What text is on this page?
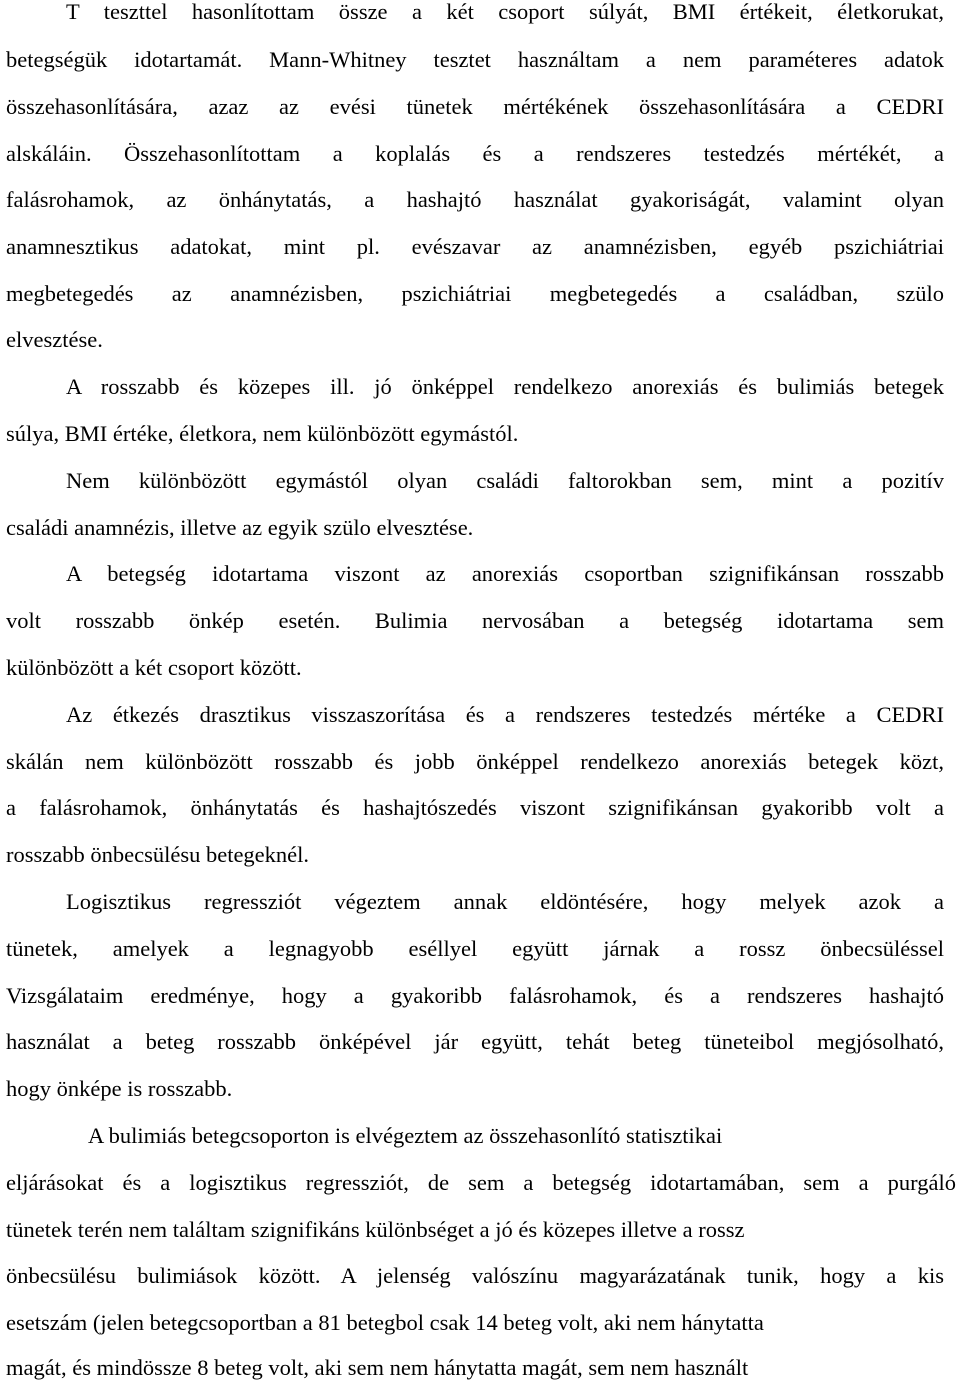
T teszttel hasonlítottam össze a két csoport súlyát, BMI értékeit, életkorukat,
betegségük idotartamát. Mann-Whitney tesztet használtam a nem paraméteres adatok
összehasonlítására, azaz az evési tünetek mértékének összehasonlítására a CEDRI
alskáláin. Összehasonlítottam a koplalás és a rendszeres testedzés mértékét, a
falásrohamok, az önhánytatás, a hashajtó használat gyakoriságát, valamint olyan
anamnesztikus adatokat, mint pl. evészavar az anamnézisben, egyéb pszichiátriai
megbetegedés az anamnézisben, pszichiátriai megbetegedés a családban, szülo
elvesztése.
A rosszabb és közepes ill. jó önképpel rendelkezo anorexiás és bulimiás betegek
súlya, BMI értéke, életkora, nem különbözött egymástól.
Nem különbözött egymástól olyan családi faltorokban sem, mint a pozitív
családi anamnézis, illetve az egyik szülo elvesztése.
A betegség idotartama viszont az anorexiás csoportban szignifikánsan rosszabb
volt rosszabb önkép esetén. Bulimia nervosában a betegség idotartama sem
különbözött a két csoport között.
Az étkezés drasztikus visszaszorítása és a rendszeres testedzés mértéke a CEDRI
skálán nem különbözött rosszabb és jobb önképpel rendelkezo anorexiás betegek közt,
a falásrohamok, önhánytatás és hashajtószedés viszont szignifikánsan gyakoribb volt a
rosszabb önbecsülésu betegeknél.
Logisztikus regressziót végeztem annak eldöntésére, hogy melyek azok a
tünetek, amelyek a legnagyobb eséllyel együtt járnak a rossz önbecsüléssel
Vizsgálataim eredménye, hogy a gyakoribb falásrohamok, és a rendszeres hashajtó
használat a beteg rosszabb önképével jár együtt, tehát beteg tüneteibol megjósolható,
hogy önképe is rosszabb.
A bulimiás betegcsoporton is elvégeztem az összehasonlító statisztikai
eljárásokat és a logisztikus regressziót, de sem a betegség idotartamában, sem a purgáló
tünetek terén nem találtam szignifikáns különbséget a jó és közepes illetve a rossz
önbecsülésu bulimiások között. A jelenség valószínu magyarázatának tunik, hogy a kis
esetszám (jelen betegcsoportban a 81 betegbol csak 14 beteg volt, aki nem hánytatta
magát, és mindössze 8 beteg volt, aki sem nem hánytatta magát, sem nem használt
